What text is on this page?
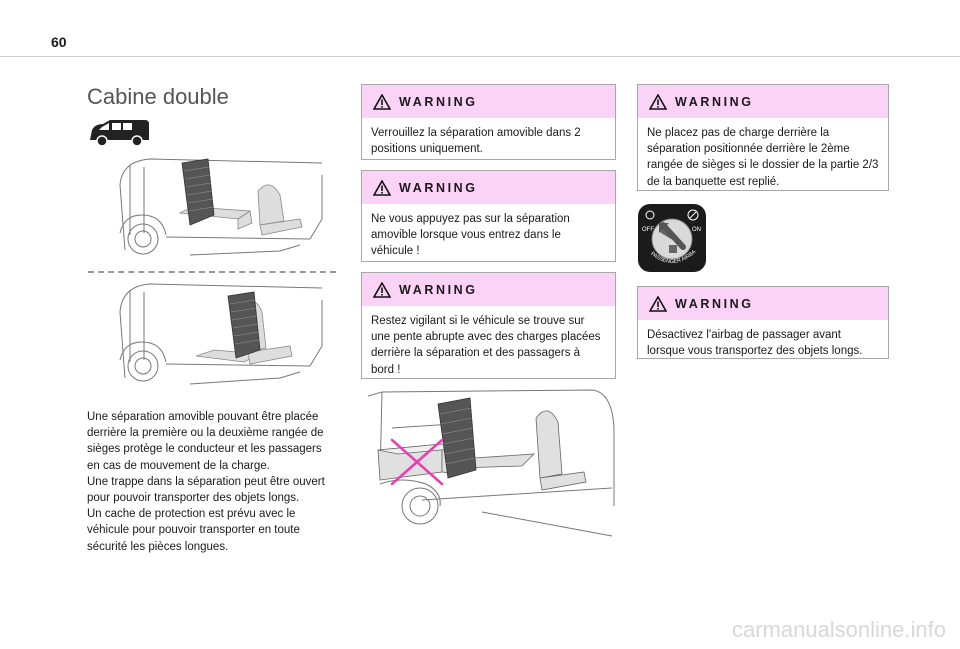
60
Cabine double

Une séparation amovible pouvant être placée derrière la première ou la deuxième rangée de sièges protège le conducteur et les passagers en cas de mouvement de la charge.

Une trappe dans la séparation peut être ouvert pour pouvoir transporter des objets longs.

Un cache de protection est prévu avec le véhicule pour pouvoir transporter en toute sécurité les pièces longues.

WARNING
Verrouillez la séparation amovible dans 2 positions uniquement.
WARNING
Ne vous appuyez pas sur la séparation amovible lorsque vous entrez dans le véhicule !
WARNING
Restez vigilant si le véhicule se trouve sur une pente abrupte avec des charges placées derrière la séparation et des passagers à bord !
WARNING
Ne placez pas de charge derrière la séparation positionnée derrière le 2ème rangée de sièges si le dossier de la partie 2/3 de la banquette est replié.
OFF	ON
PASSENGER AIRBA
WARNING
Désactivez l'airbag de passager avant lorsque vous transportez des objets longs.
carmanualsonline.info
